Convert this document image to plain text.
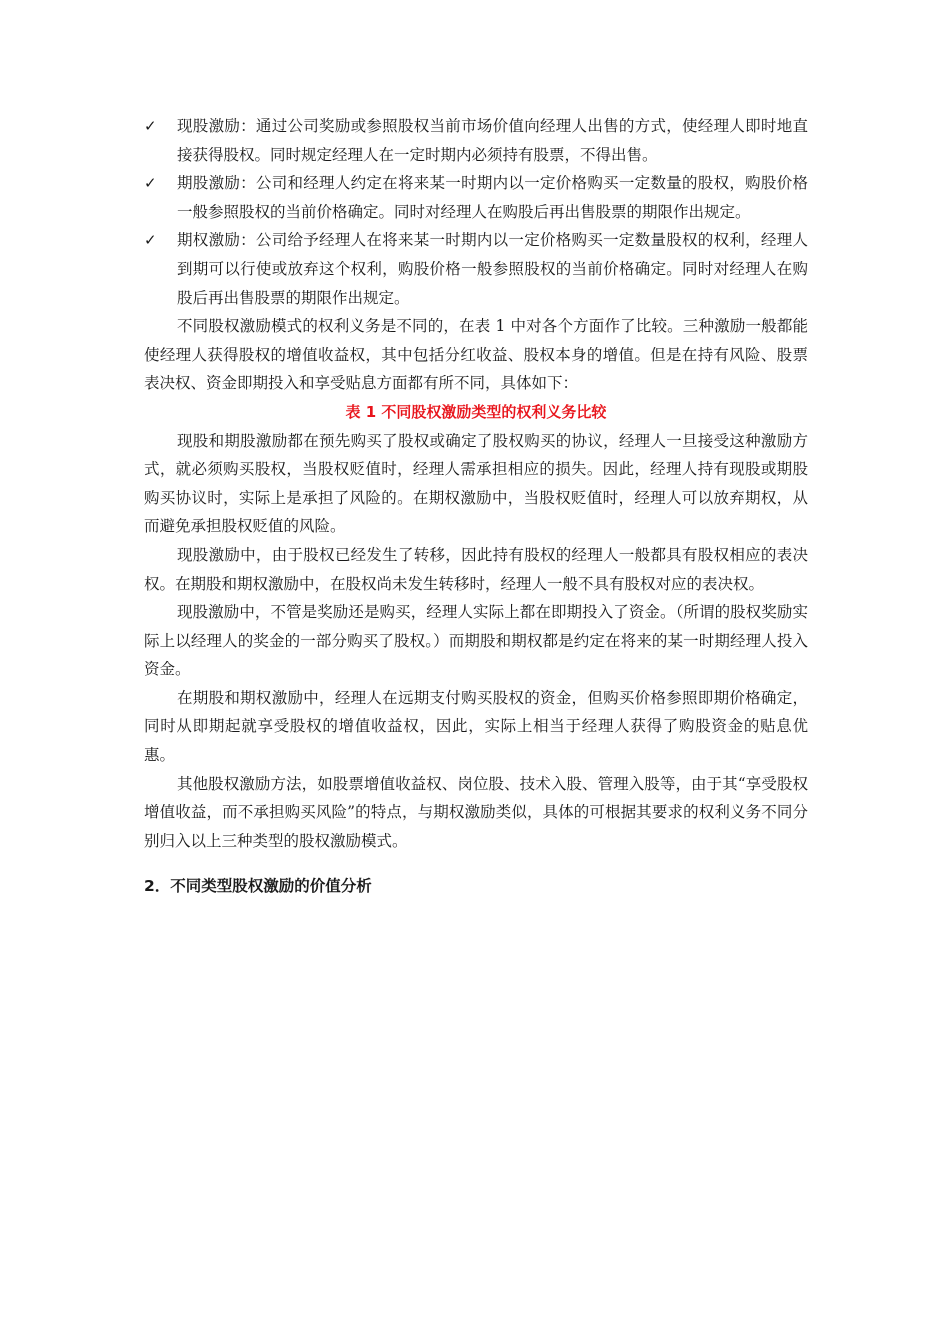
✓ 现股激励：通过公司奖励或参照股权当前市场价值向经理人出售的方式，使经理人即时地直接获得股权。同时规定经理人在一定时期内必须持有股票，不得出售。
✓ 期股激励：公司和经理人约定在将来某一时期内以一定价格购买一定数量的股权，购股价格一般参照股权的当前价格确定。同时对经理人在购股后再出售股票的期限作出规定。
✓ 期权激励：公司给予经理人在将来某一时期内以一定价格购买一定数量股权的权利，经理人到期可以行使或放弃这个权利，购股价格一般参照股权的当前价格确定。同时对经理人在购股后再出售股票的期限作出规定。
不同股权激励模式的权利义务是不同的，在表 1 中对各个方面作了比较。三种激励一般都能使经理人获得股权的增值收益权，其中包括分红收益、股权本身的增值。但是在持有风险、股票表决权、资金即期投入和享受贴息方面都有所不同，具体如下：
表 1 不同股权激励类型的权利义务比较
现股和期股激励都在预先购买了股权或确定了股权购买的协议，经理人一旦接受这种激励方式，就必须购买股权，当股权贬值时，经理人需承担相应的损失。因此，经理人持有现股或期股购买协议时，实际上是承担了风险的。在期权激励中，当股权贬值时，经理人可以放弃期权，从而避免承担股权贬值的风险。
现股激励中，由于股权已经发生了转移，因此持有股权的经理人一般都具有股权相应的表决权。在期股和期权激励中，在股权尚未发生转移时，经理人一般不具有股权对应的表决权。
现股激励中，不管是奖励还是购买，经理人实际上都在即期投入了资金。（所谓的股权奖励实际上以经理人的奖金的一部分购买了股权。）而期股和期权都是约定在将来的某一时期经理人投入资金。
在期股和期权激励中，经理人在远期支付购买股权的资金，但购买价格参照即期价格确定，同时从即期起就享受股权的增值收益权，因此，实际上相当于经理人获得了购股资金的贴息优惠。
其他股权激励方法，如股票增值收益权、岗位股、技术入股、管理入股等，由于其“享受股权增值收益，而不承担购买风险”的特点，与期权激励类似，具体的可根据其要求的权利义务不同分别归入以上三种类型的股权激励模式。
2．不同类型股权激励的价值分析
